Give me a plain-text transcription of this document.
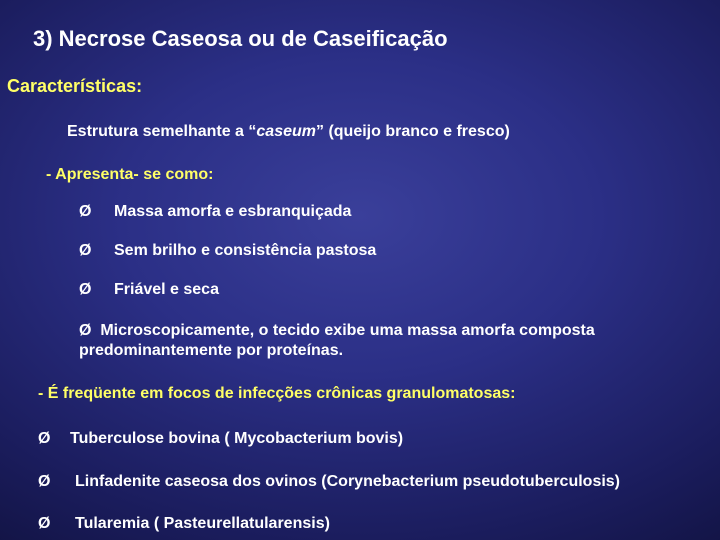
3) Necrose Caseosa ou de Caseificação
Características:
Estrutura semelhante a “caseum” (queijo branco e fresco)
- Apresenta- se como:
Ø Massa amorfa e esbranquiçada
Ø Sem brilho e consistência pastosa
Ø Friável e seca
Ø Microscopicamente, o tecido exibe uma massa amorfa composta
predominantemente por proteínas.
- É freqüente em focos de infecções crônicas granulomatosas:
Ø Tuberculose bovina ( Mycobacterium bovis)
Ø Linfadenite caseosa dos ovinos (Corynebacterium pseudotuberculosis)
Ø Tularemia ( Pasteurellatularensis)
